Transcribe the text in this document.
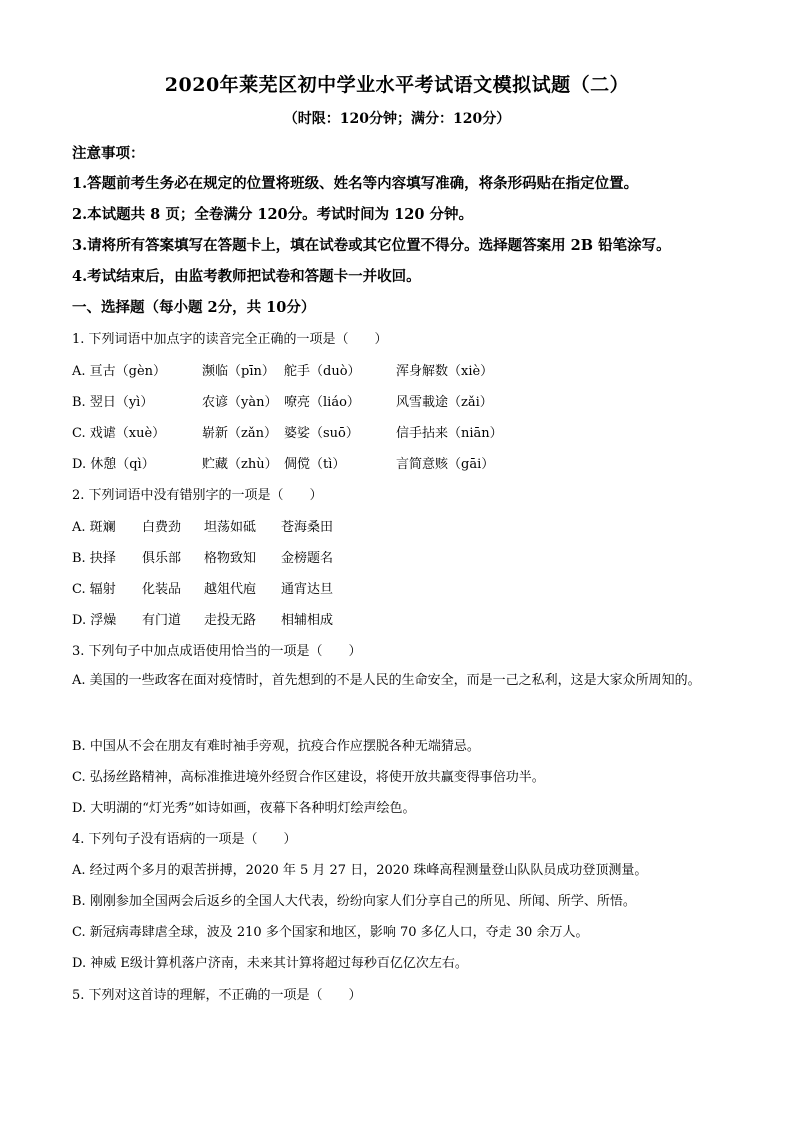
2020年莱芜区初中学业水平考试语文模拟试题（二）
（时限：120分钟；满分：120分）
注意事项：
1.答题前考生务必在规定的位置将班级、姓名等内容填写准确，将条形码贴在指定位置。
2.本试题共 8 页；全卷满分 120分。考试时间为 120 分钟。
3.请将所有答案填写在答题卡上，填在试卷或其它位置不得分。选择题答案用 2B 铅笔涂写。
4.考试结束后，由监考教师把试卷和答题卡一并收回。
一、选择题（每小题 2分，共 10分）
1. 下列词语中加点字的读音完全正确的一项是（　　）
A. 亘古（gèn）	濒临（pīn） 舵手（duò）	浑身解数（xiè）
B. 翌日（yì）	农谚（yàn） 嘹亮（liáo）	风雪載途（zǎi）
C. 戏谑（xuè）	崭新（zǎn） 婆娑（suō）	信手拈来（niān）
D. 休憩（qì）	贮藏（zhù） 倜傥（tì）	言简意赅（gāi）
2. 下列词语中没有错别字的一项是（　　）
A. 斑斓 白费劲 坦荡如砥 苍海桑田
B. 抉择 俱乐部 格物致知 金榜题名
C. 辐射 化装品 越俎代庖 通宵达旦
D. 浮燥 有门道 走投无路 相辅相成
3. 下列句子中加点成语使用恰当的一项是（　　）
A. 美国的一些政客在面对疫情时，首先想到的不是人民的生命安全，而是一己之私利，这是大家众所周知的。
B. 中国从不会在朋友有难时袖手旁观，抗疫合作应摆脱各种无端猜忌。
C. 弘扬丝路精神，高标准推进境外经贸合作区建设，将使开放共赢变得事倍功半。
D. 大明湖的“灯光秀”如诗如画，夜幕下各种明灯绘声绘色。
4. 下列句子没有语病的一项是（　　）
A. 经过两个多月的艰苦拼搏，2020 年 5 月 27 日，2020 珠峰高程测量登山队队员成功登顶测量。
B. 刚刚参加全国两会后返乡的全国人大代表，纷纷向家人们分享自己的所见、所闻、所学、所悟。
C. 新冠病毒肆虐全球，波及 210 多个国家和地区，影响 70 多亿人口，夺走 30 余万人。
D. 神威 E级计算机落户济南，未来其计算将超过每秒百亿亿次左右。
5. 下列对这首诗的理解，不正确的一项是（　　）
